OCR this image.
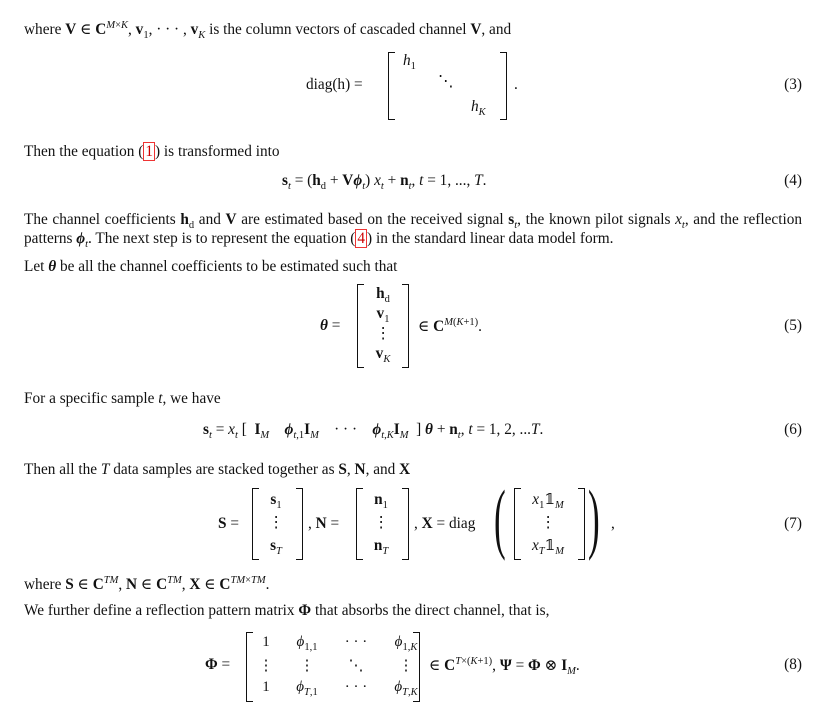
where V ∈ $C^{M\times K}$, $v_1$, · · · , $v_K$ is the column vectors of cascaded channel V, and
diag(h) =
$h_1$
⋱
$h_K$
.	(3)
Then the equation ( 1 ) is transformed into
$s_t = (h_d + V\phi_t) x_t + n_t$, t = 1, ..., T.	(4)
The channel coefficients $h_d$ and V are estimated based on the received signal $s_t$, the known pilot signals $x_t$, and the reflection patterns $\phi_t$. The next step is to represent the equation ( 4 ) in the standard linear data model form.
Let θ be all the channel coefficients to be estimated such that
θ =
$h_d$
$v_1$
⋮
$v_K$
∈ $C^{M(K+1)}$.	(5)
For a specific sample t, we have
$s_t = x_t$ [  $I_M$ $\phi_{t,1}I_M$    · · ·    $\phi_{t,K}I_M$  ] $\theta + n_t$, t = 1, 2, ...T.	(6)
Then all the T data samples are stacked together as S, N, and X
S =
$s_1$
⋮
$s_T$
, N =
$n_1$
⋮
$n_T$
, X = diag (	$x_1𝟙_M$
⋮
$x_T𝟙_M$ ) ,	(7)
where S ∈ C™, N ∈ C™, X ∈ $C^{TM\times TM}$.
We further define a reflection pattern matrix Φ that absorbs the direct channel, that is,
Φ =
1	$\phi_{1,1}$	· · ·	$\phi_{1,K}$
⋮	⋮	⋱	⋮
1	$\phi_{T,1}$	· · ·	$\phi_{T,K}$
∈ $C^{T\times(K+1)}$, Ψ = Φ ⊗ $I_M$.	(8)
